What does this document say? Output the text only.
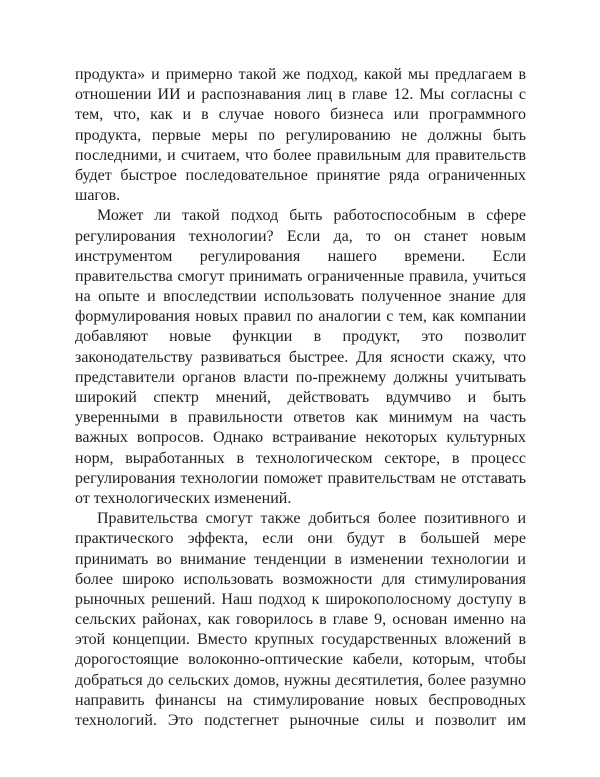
продукта» и примерно такой же подход, какой мы предлагаем в
отношении ИИ и распознавания лиц в главе 12. Мы согласны с
тем, что, как и в случае нового бизнеса или программного
продукта, первые меры по регулированию не должны быть
последними, и считаем, что более правильным для правительств
будет быстрое последовательное принятие ряда ограниченных
шагов.
Может ли такой подход быть работоспособным в сфере
регулирования технологии? Если да, то он станет новым
инструментом регулирования нашего времени. Если
правительства смогут принимать ограниченные правила, учиться
на опыте и впоследствии использовать полученное знание для
формулирования новых правил по аналогии с тем, как компании
добавляют новые функции в продукт, это позволит
законодательству развиваться быстрее. Для ясности скажу, что
представители органов власти по-прежнему должны учитывать
широкий спектр мнений, действовать вдумчиво и быть
уверенными в правильности ответов как минимум на часть
важных вопросов. Однако встраивание некоторых культурных
норм, выработанных в технологическом секторе, в процесс
регулирования технологии поможет правительствам не отставать
от технологических изменений.
Правительства смогут также добиться более позитивного и
практического эффекта, если они будут в большей мере
принимать во внимание тенденции в изменении технологии и
более широко использовать возможности для стимулирования
рыночных решений. Наш подход к широкополосному доступу в
сельских районах, как говорилось в главе 9, основан именно на
этой концепции. Вместо крупных государственных вложений в
дорогостоящие волоконно-оптические кабели, которым, чтобы
добраться до сельских домов, нужны десятилетия, более разумно
направить финансы на стимулирование новых беспроводных
технологий. Это подстегнет рыночные силы и позволит им
